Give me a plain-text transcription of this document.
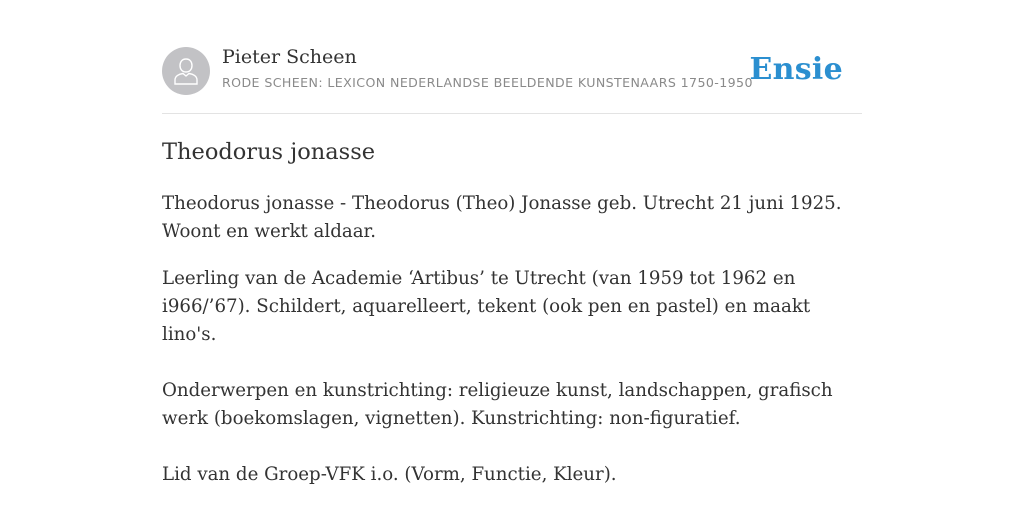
Pieter Scheen
RODE SCHEEN: LEXICON NEDERLANDSE BEELDENDE KUNSTENAARS 1750-1950
Ensie
Theodorus jonasse

Theodorus jonasse - Theodorus (Theo) Jonasse geb. Utrecht 21 juni 1925. Woont en werkt aldaar.

Leerling van de Academie ‘Artibus’ te Utrecht (van 1959 tot 1962 en i966/’67). Schildert, aquarelleert, tekent (ook pen en pastel) en maakt lino's.

Onderwerpen en kunstrichting: religieuze kunst, landschappen, grafisch werk (boekomslagen, vignetten). Kunstrichting: non-figuratief.

Lid van de Groep-VFK i.o. (Vorm, Functie, Kleur).
